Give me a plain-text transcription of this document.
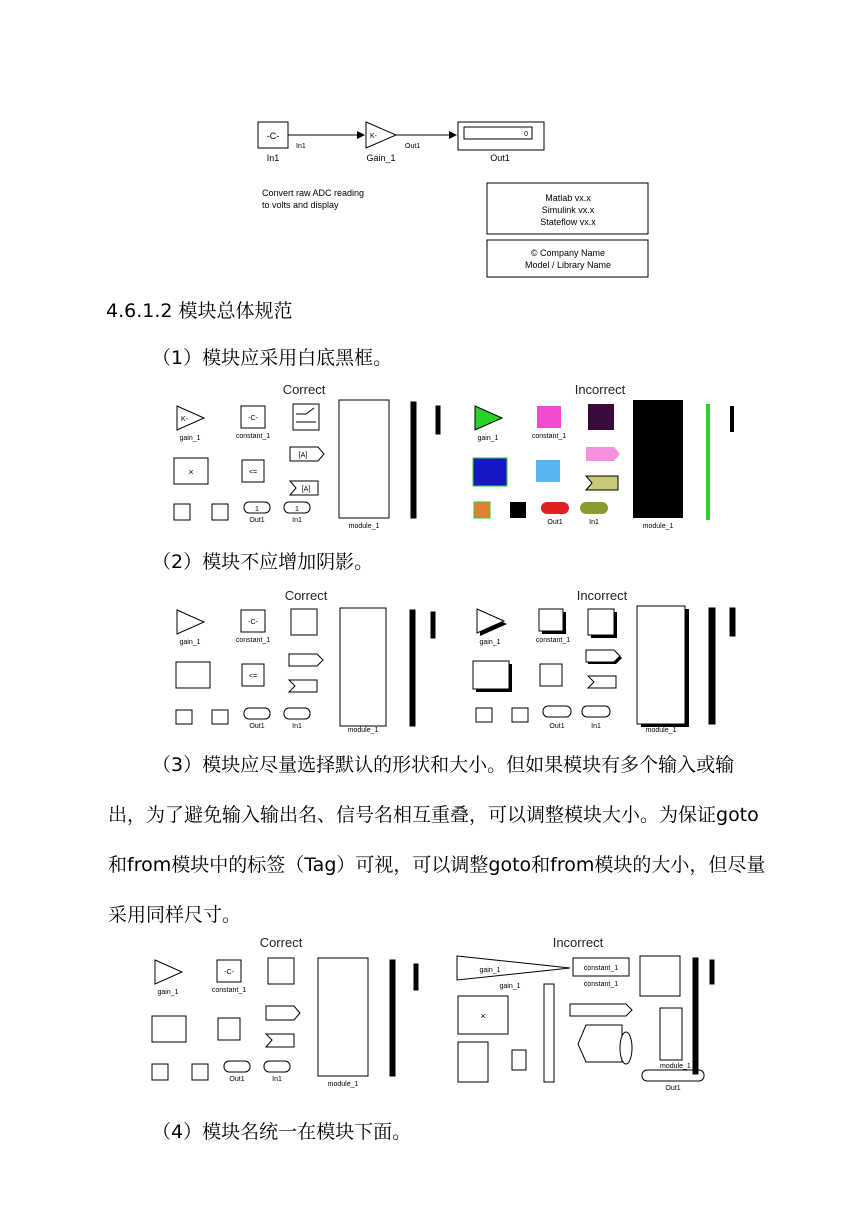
-C-
In1
In1
K-
Gain_1
Out1
0
Out1
Convert raw ADC reading
to volts and display
Matlab vx.x
Simulink vx.x
Stateflow vx.x
© Company Name
Model / Library Name
4.6.1.2 模块总体规范
（1）模块应采用白底黑框。
Correct	Incorrect
K-
gain_1
-C-
constant_1
×	<=
[A]
[A]
1
Out1
1
In1
module_1
gain_1	constant_1
module_1
Out1	In1
（2）模块不应增加阴影。
Correct	Incorrect
gain_1
-C-
constant_1
module_1
<=
Out1	In1
gain_1	constant_1
module_1
Out1	In1
（3）模块应尽量选择默认的形状和大小。但如果模块有多个输入或输出，为了避免输入输出名、信号名相互重叠，可以调整模块大小。为保证goto和from模块中的标签（Tag）可视，可以调整goto和from模块的大小，但尽量采用同样尺寸。
Correct	Incorrect
gain_1
-C-
constant_1
module_1
Out1	In1
gain_1
gain_1
constant_1
constant_1
×
module_1
Out1
（4）模块名统一在模块下面。
